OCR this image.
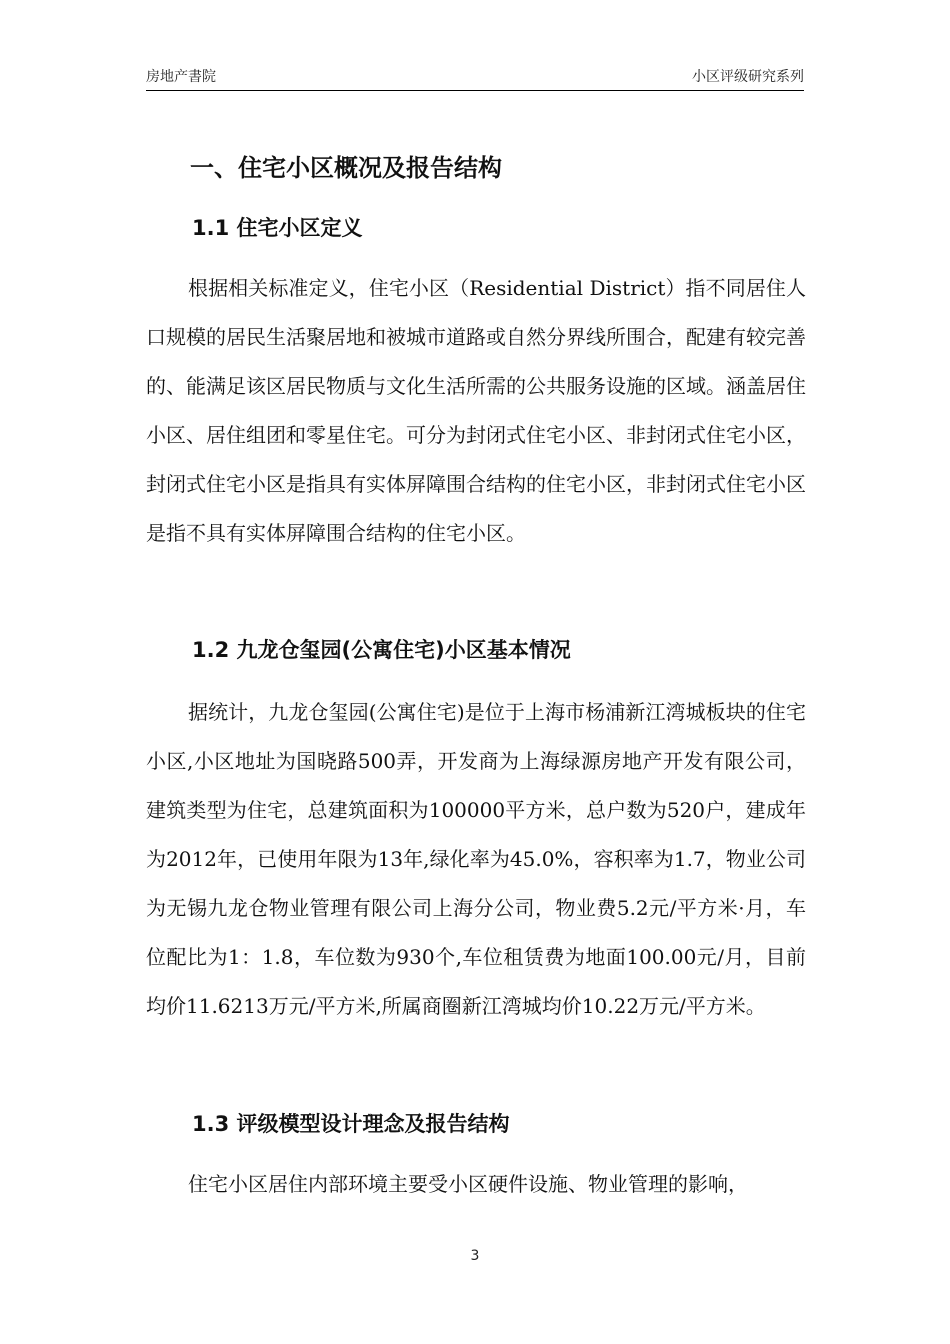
房地产書院	小区评级研究系列
一、住宅小区概况及报告结构
1.1 住宅小区定义

根据相关标准定义，住宅小区（Residential District）指不同居住人口规模的居民生活聚居地和被城市道路或自然分界线所围合，配建有较完善的、能满足该区居民物质与文化生活所需的公共服务设施的区域。涵盖居住小区、居住组团和零星住宅。可分为封闭式住宅小区、非封闭式住宅小区，封闭式住宅小区是指具有实体屏障围合结构的住宅小区，非封闭式住宅小区是指不具有实体屏障围合结构的住宅小区。

1.2 九龙仓玺园(公寓住宅)小区基本情况

据统计，九龙仓玺园(公寓住宅)是位于上海市杨浦新江湾城板块的住宅小区,小区地址为国晓路500弄，开发商为上海绿源房地产开发有限公司，建筑类型为住宅，总建筑面积为100000平方米，总户数为520户，建成年为2012年，已使用年限为13年,绿化率为45.0%，容积率为1.7，物业公司为无锡九龙仓物业管理有限公司上海分公司，物业费5.2元/平方米·月，车位配比为1：1.8，车位数为930个,车位租赁费为地面100.00元/月，目前均价11.6213万元/平方米,所属商圈新江湾城均价10.22万元/平方米。

1.3 评级模型设计理念及报告结构

住宅小区居住内部环境主要受小区硬件设施、物业管理的影响，

3
